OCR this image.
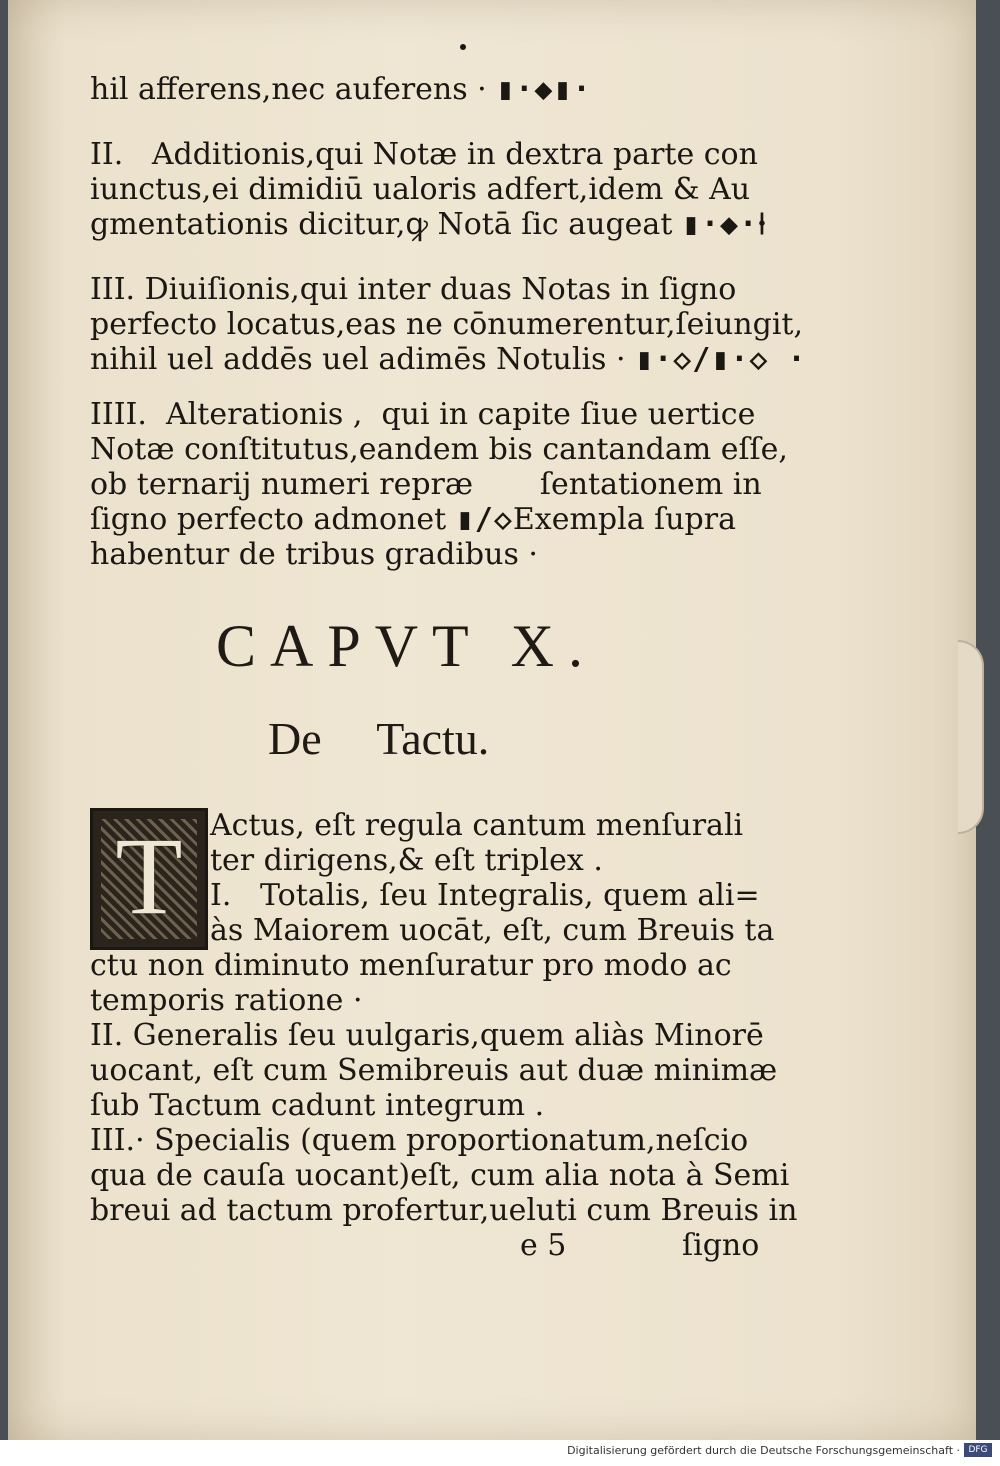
hil afferens,nec auferens · ▮·◆▮·

II.   Additionis,qui Notæ in dextra parte con

iunctus,ei dimidiū ualoris adfert,idem & Au

gmentationis dicitur,ꝙ Notā ſic augeat ▮·◆·⍿

III. Diuiſionis,qui inter duas Notas in ſigno

perfecto locatus,eas ne cōnumerentur,ſeiungit,

nihil uel addēs uel adimēs Notulis · ▮·◇/▮·◇ ·

IIII.  Alterationis ,  qui in capite ſiue uertice

Notæ conſtitutus,eandem bis cantandam eſſe,

ob ternarij numeri repræ       ſentationem in

ſigno perfecto admonet ▮/◇Exempla ſupra

habentur de tribus gradibus ·

CAPVT X.
De Tactu.
T

Actus, eſt regula cantum menſurali

ter dirigens,& eſt triplex .

I.   Totalis, ſeu Integralis, quem ali=

às Maiorem uocāt, eſt, cum Breuis ta

ctu non diminuto menſuratur pro modo ac

temporis ratione ·

II. Generalis ſeu uulgaris,quem aliàs Minorē

uocant, eſt cum Semibreuis aut duæ minimæ

ſub Tactum cadunt integrum .

III.· Specialis (quem proportionatum,neſcio

qua de cauſa uocant)eſt, cum alia nota à Semi

breui ad tactum profertur,ueluti cum Breuis in

e 5

	ſigno

Digitalisierung gefördert durch die Deutsche Forschungsgemeinschaft · DFG
